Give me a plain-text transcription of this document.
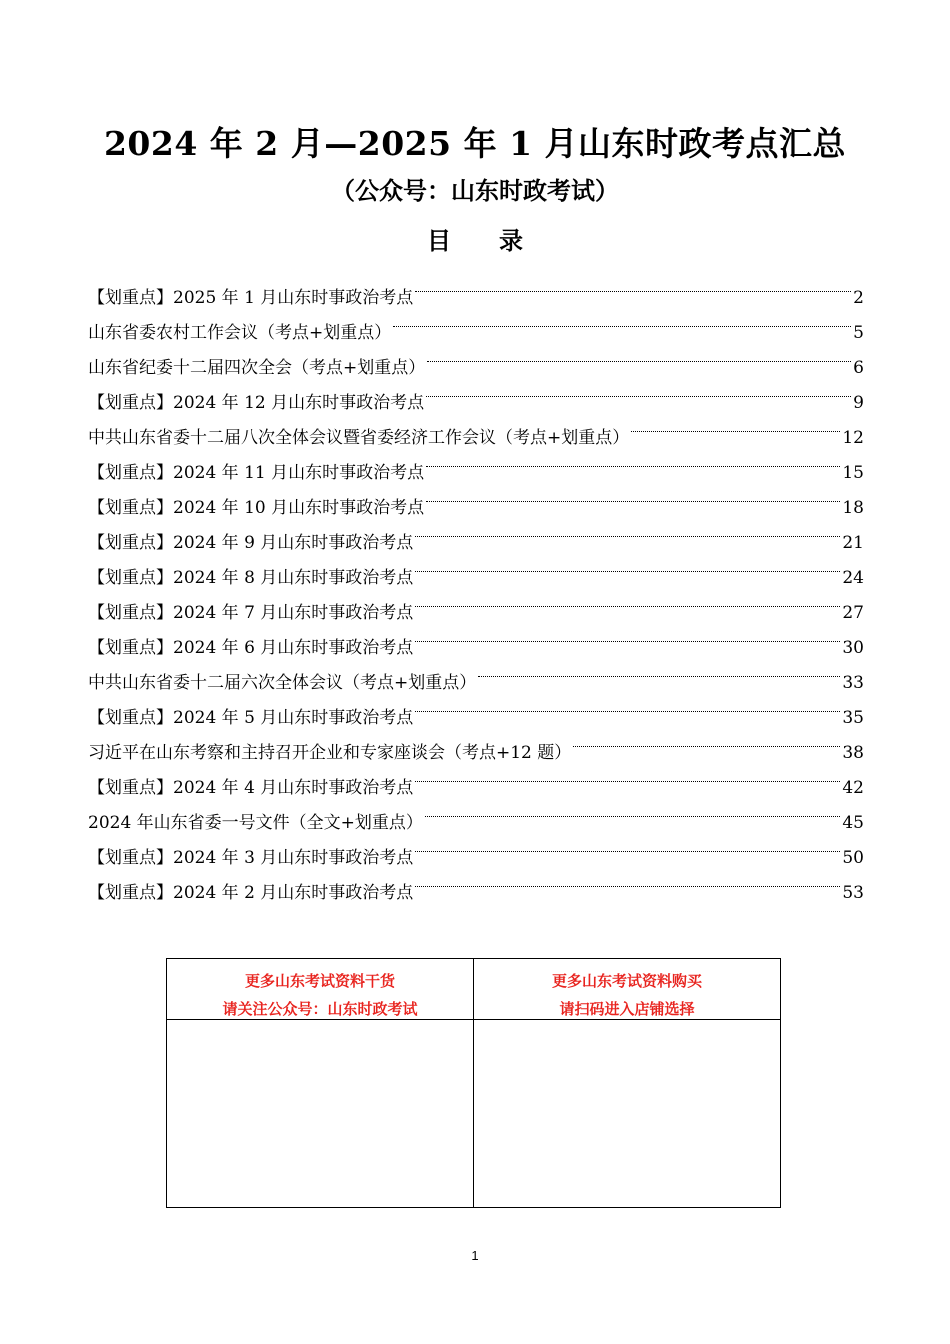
2024 年 2 月—2025 年 1 月山东时政考点汇总
（公众号：山东时政考试）
目　　录
【划重点】2025 年 1 月山东时事政治考点	2
山东省委农村工作会议（考点+划重点）	5
山东省纪委十二届四次全会（考点+划重点）	6
【划重点】2024 年 12 月山东时事政治考点	9
中共山东省委十二届八次全体会议暨省委经济工作会议（考点+划重点）	12
【划重点】2024 年 11 月山东时事政治考点	15
【划重点】2024 年 10 月山东时事政治考点	18
【划重点】2024 年 9 月山东时事政治考点	21
【划重点】2024 年 8 月山东时事政治考点	24
【划重点】2024 年 7 月山东时事政治考点	27
【划重点】2024 年 6 月山东时事政治考点	30
中共山东省委十二届六次全体会议（考点+划重点）	33
【划重点】2024 年 5 月山东时事政治考点	35
习近平在山东考察和主持召开企业和专家座谈会（考点+12 题）	38
【划重点】2024 年 4 月山东时事政治考点	42
2024 年山东省委一号文件（全文+划重点）	45
【划重点】2024 年 3 月山东时事政治考点	50
【划重点】2024 年 2 月山东时事政治考点	53
更多山东考试资料干货
请关注公众号：山东时政考试
更多山东考试资料购买
请扫码进入店铺选择
1
